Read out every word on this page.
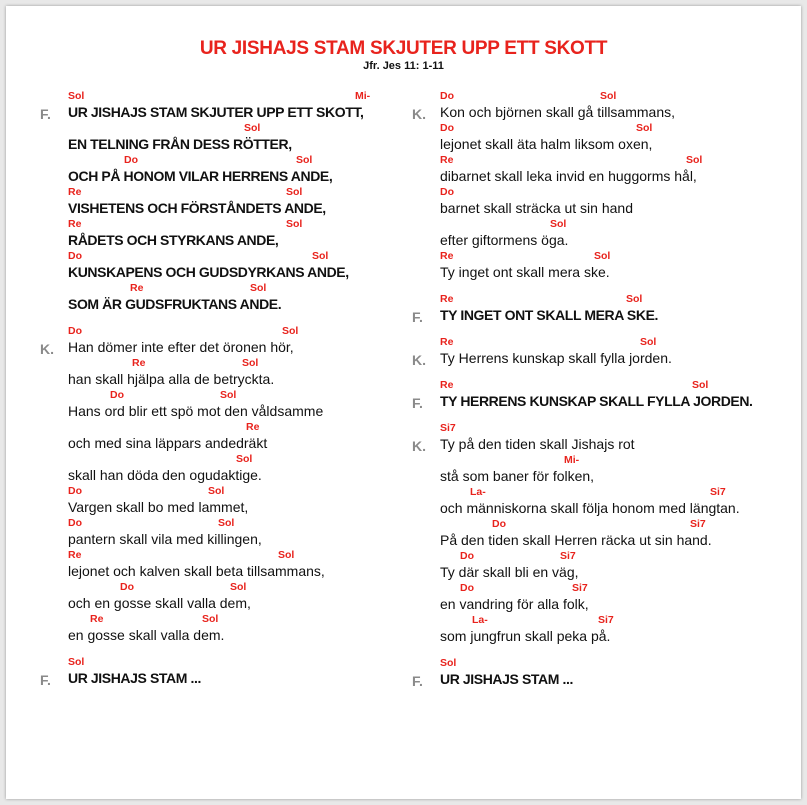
UR JISHAJS STAM SKJUTER UPP ETT SKOTT
Jfr. Jes 11: 1-11
Sol	Mi-
F. UR JISHAJS STAM SKJUTER UPP ETT SKOTT,
Sol
EN TELNING FRÅN DESS RÖTTER,
Do	Sol
OCH PÅ HONOM VILAR HERRENS ANDE,
Re	Sol
VISHETENS OCH FÖRSTÅNDETS ANDE,
Re	Sol
RÅDETS OCH STYRKANS ANDE,
Do	Sol
KUNSKAPENS OCH GUDSDYRKANS ANDE,
Re	Sol
SOM ÄR GUDSFRUKTANS ANDE.
Do	Sol
K. Han dömer inte efter det öronen hör,
Re	Sol
han skall hjälpa alla de betryckta.
Do	Sol
Hans ord blir ett spö mot den våldsamme
Re
och med sina läppars andedräkt
Sol
skall han döda den ogudaktige.
Do	Sol
Vargen skall bo med lammet,
Do	Sol
pantern skall vila med killingen,
Re	Sol
lejonet och kalven skall beta tillsammans,
Do	Sol
och en gosse skall valla dem,
Re	Sol
en gosse skall valla dem.
Sol
F. UR JISHAJS STAM ...
Do	Sol
K. Kon och björnen skall gå tillsammans,
Do	Sol
lejonet skall äta halm liksom oxen,
Re	Sol
dibarnet skall leka invid en huggorms hål,
Do
barnet skall sträcka ut sin hand
Sol
efter giftormens öga.
Re	Sol
Ty inget ont skall mera ske.
Re	Sol
F. TY INGET ONT SKALL MERA SKE.
Re	Sol
K. Ty Herrens kunskap skall fylla jorden.
Re	Sol
F. TY HERRENS KUNSKAP SKALL FYLLA JORDEN.
Si7
K. Ty på den tiden skall Jishajs rot
Mi-
stå som baner för folken,
La-	Si7
och människorna skall följa honom med längtan.
Do	Si7
På den tiden skall Herren räcka ut sin hand.
Do	Si7
Ty där skall bli en väg,
Do	Si7
en vandring för alla folk,
La-	Si7
som jungfrun skall peka på.
Sol
F. UR JISHAJS STAM ...
